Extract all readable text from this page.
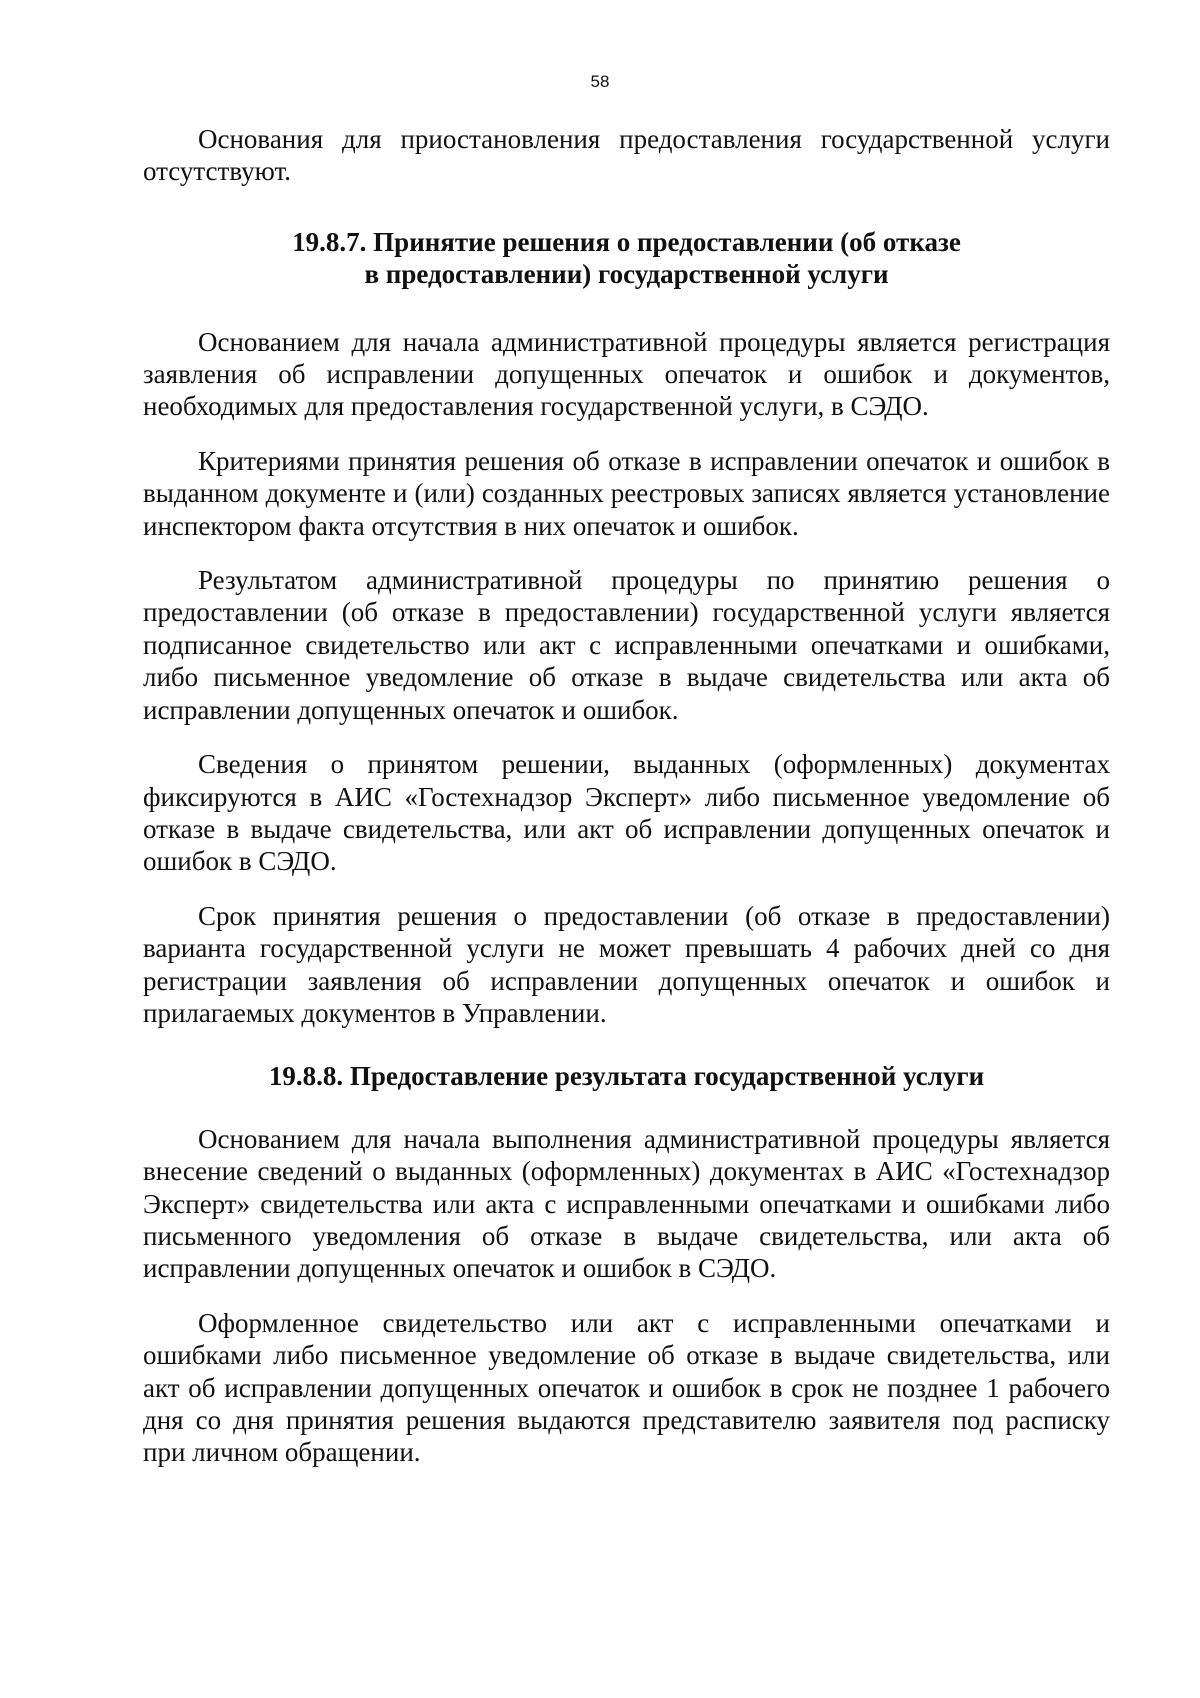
58

Основания для приостановления предоставления государственной услуги отсутствуют.

19.8.7. Принятие решения о предоставлении (об отказе
в предоставлении) государственной услуги

Основанием для начала административной процедуры является регистрация заявления об исправлении допущенных опечаток и ошибок и документов, необходимых для предоставления государственной услуги, в СЭДО.

Критериями принятия решения об отказе в исправлении опечаток и ошибок в выданном документе и (или) созданных реестровых записях является установление инспектором факта отсутствия в них опечаток и ошибок.

Результатом административной процедуры по принятию решения о предоставлении (об отказе в предоставлении) государственной услуги является подписанное свидетельство или акт с исправленными опечатками и ошибками, либо письменное уведомление об отказе в выдаче свидетельства или акта об исправлении допущенных опечаток и ошибок.

Сведения о принятом решении, выданных (оформленных) документах фиксируются в АИС «Гостехнадзор Эксперт» либо письменное уведомление об отказе в выдаче свидетельства, или акт об исправлении допущенных опечаток и ошибок в СЭДО.

Срок принятия решения о предоставлении (об отказе в предоставлении) варианта государственной услуги не может превышать 4 рабочих дней со дня регистрации заявления об исправлении допущенных опечаток и ошибок и прилагаемых документов в Управлении.

19.8.8. Предоставление результата государственной услуги

Основанием для начала выполнения административной процедуры является внесение сведений о выданных (оформленных) документах в АИС «Гостехнадзор Эксперт» свидетельства или акта с исправленными опечатками и ошибками либо письменного уведомления об отказе в выдаче свидетельства, или акта об исправлении допущенных опечаток и ошибок в СЭДО.

Оформленное свидетельство или акт с исправленными опечатками и ошибками либо письменное уведомление об отказе в выдаче свидетельства, или акт об исправлении допущенных опечаток и ошибок в срок не позднее 1 рабочего дня со дня принятия решения выдаются представителю заявителя под расписку при личном обращении.
